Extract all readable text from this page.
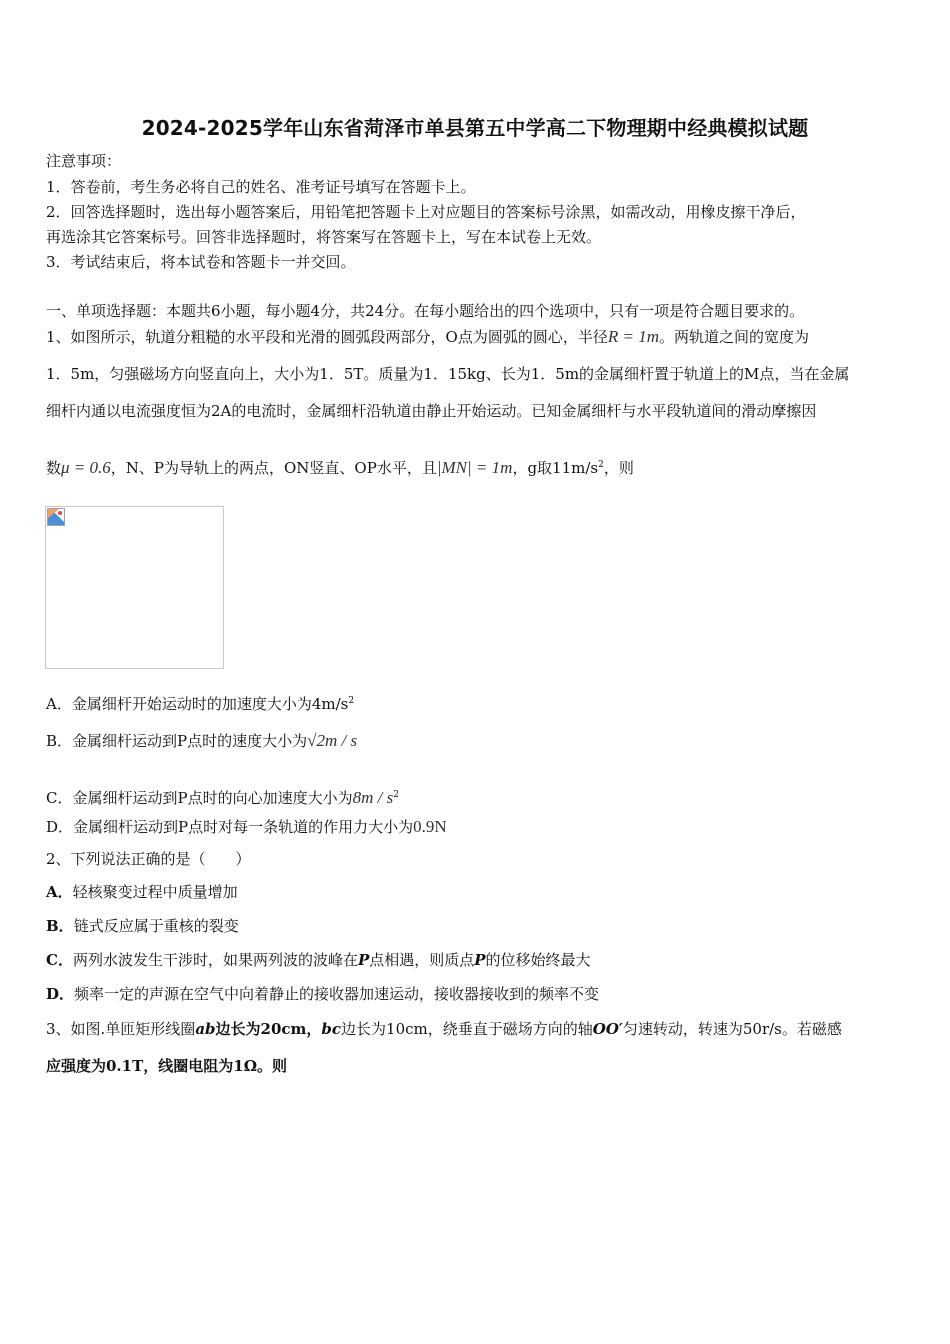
2024-2025学年山东省菏泽市单县第五中学高二下物理期中经典模拟试题
注意事项：
1．答卷前，考生务必将自己的姓名、准考证号填写在答题卡上。
2．回答选择题时，选出每小题答案后，用铅笔把答题卡上对应题目的答案标号涂黑，如需改动，用橡皮擦干净后，
再选涂其它答案标号。回答非选择题时，将答案写在答题卡上，写在本试卷上无效。
3．考试结束后，将本试卷和答题卡一并交回。
一、单项选择题：本题共6小题，每小题4分，共24分。在每小题给出的四个选项中，只有一项是符合题目要求的。
1、如图所示，轨道分粗糙的水平段和光滑的圆弧段两部分，O点为圆弧的圆心，半径R = 1m。两轨道之间的宽度为
1．5m，匀强磁场方向竖直向上，大小为1．5T。质量为1．15kg、长为1．5m的金属细杆置于轨道上的M点，当在金属
细杆内通以电流强度恒为2A的电流时，金属细杆沿轨道由静止开始运动。已知金属细杆与水平段轨道间的滑动摩擦因
数μ = 0.6，N、P为导轨上的两点，ON竖直、OP水平，且|MN| = 1m，g取$11m/s^2$，则
A．金属细杆开始运动时的加速度大小为$4m/s^2$
B．金属细杆运动到P点时的速度大小为√2m / s
C．金属细杆运动到P点时的向心加速度大小为$8m / s^2$
D．金属细杆运动到P点时对每一条轨道的作用力大小为0.9N
2、下列说法正确的是（　　）
A．轻核聚变过程中质量增加
B．链式反应属于重核的裂变
C．两列水波发生干涉时，如果两列波的波峰在P点相遇，则质点P的位移始终最大
D．频率一定的声源在空气中向着静止的接收器加速运动，接收器接收到的频率不变
3、如图.单匝矩形线圈ab边长为20cm，bc边长为10cm，绕垂直于磁场方向的轴OO′匀速转动，转速为50r/s。若磁感
应强度为0.1T，线圈电阻为1Ω。则
